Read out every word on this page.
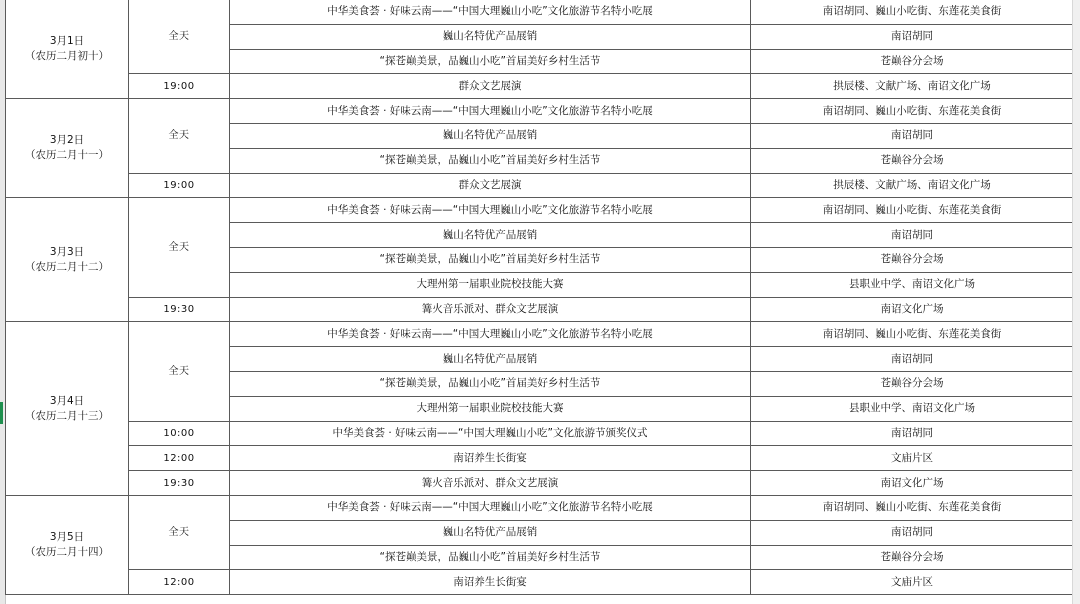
3月1日
（农历二月初十）	全天	中华美食荟 · 好味云南——“中国大理巍山小吃”文化旅游节名特小吃展	南诏胡同、巍山小吃街、东莲花美食街
		巍山名特优产品展销	南诏胡同
		“探苍巅美景，品巍山小吃”首届美好乡村生活节	苍巅谷分会场
	19:00	群众文艺展演	拱辰楼、文献广场、南诏文化广场

3月2日
（农历二月十一）	全天	中华美食荟 · 好味云南——“中国大理巍山小吃”文化旅游节名特小吃展	南诏胡同、巍山小吃街、东莲花美食街
		巍山名特优产品展销	南诏胡同
		“探苍巅美景，品巍山小吃”首届美好乡村生活节	苍巅谷分会场
	19:00	群众文艺展演	拱辰楼、文献广场、南诏文化广场

3月3日
（农历二月十二）	全天	中华美食荟 · 好味云南——“中国大理巍山小吃”文化旅游节名特小吃展	南诏胡同、巍山小吃街、东莲花美食街
		巍山名特优产品展销	南诏胡同
		“探苍巅美景，品巍山小吃”首届美好乡村生活节	苍巅谷分会场
		大理州第一届职业院校技能大赛	县职业中学、南诏文化广场
	19:30	篝火音乐派对、群众文艺展演	南诏文化广场

3月4日
（农历二月十三）	全天	中华美食荟 · 好味云南——“中国大理巍山小吃”文化旅游节名特小吃展	南诏胡同、巍山小吃街、东莲花美食街
		巍山名特优产品展销	南诏胡同
		“探苍巅美景，品巍山小吃”首届美好乡村生活节	苍巅谷分会场
		大理州第一届职业院校技能大赛	县职业中学、南诏文化广场
	10:00	中华美食荟 · 好味云南——“中国大理巍山小吃”文化旅游节颁奖仪式	南诏胡同
	12:00	南诏养生长街宴	文庙片区
	19:30	篝火音乐派对、群众文艺展演	南诏文化广场

3月5日
（农历二月十四）	全天	中华美食荟 · 好味云南——“中国大理巍山小吃”文化旅游节名特小吃展	南诏胡同、巍山小吃街、东莲花美食街
		巍山名特优产品展销	南诏胡同
		“探苍巅美景，品巍山小吃”首届美好乡村生活节	苍巅谷分会场
	12:00	南诏养生长街宴	文庙片区
